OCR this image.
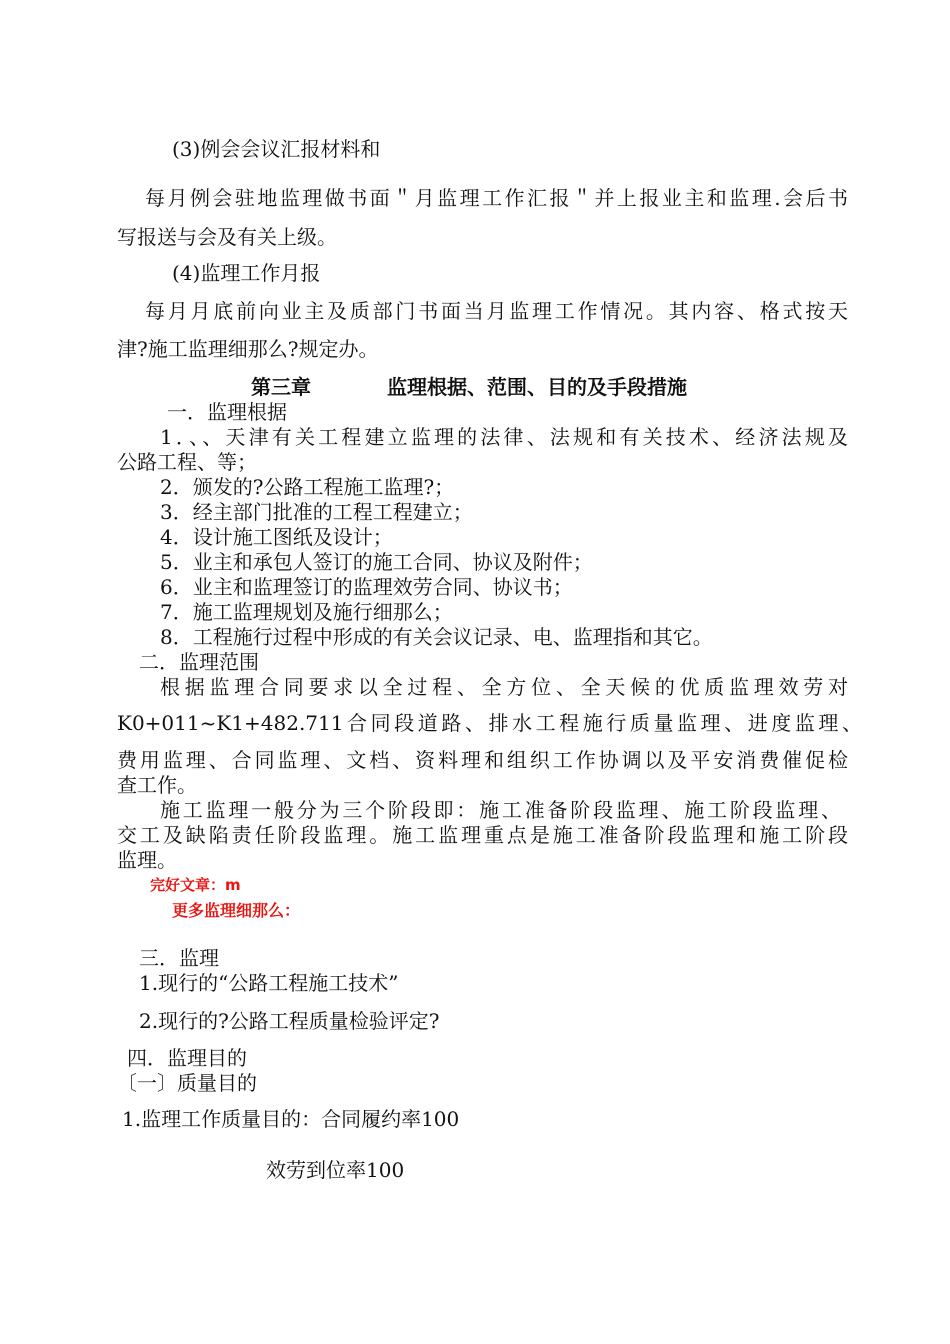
(3)例会会议汇报材料和
每月例会驻地监理做书面＂月监理工作汇报＂并上报业主和监理.会后书
写报送与会及有关上级。
(4)监理工作月报
每月月底前向业主及质部门书面当月监理工作情况。其内容、格式按天
津?施工监理细那么?规定办。
第三章	监理根据、范围、目的及手段措施
一．监理根据
1．、、天津有关工程建立监理的法律、法规和有关技术、经济法规及
公路工程、等；
2．颁发的?公路工程施工监理?；
3．经主部门批准的工程工程建立；
4．设计施工图纸及设计；
5．业主和承包人签订的施工合同、协议及附件；
6．业主和监理签订的监理效劳合同、协议书；
7．施工监理规划及施行细那么；
8．工程施行过程中形成的有关会议记录、电、监理指和其它。
二．监理范围
根据监理合同要求以全过程、全方位、全天候的优质监理效劳对
K0+011~K1+482.711合同段道路、排水工程施行质量监理、进度监理、
费用监理、合同监理、文档、资料理和组织工作协调以及平安消费催促检
查工作。
施工监理一般分为三个阶段即：施工准备阶段监理、施工阶段监理、
交工及缺陷责任阶段监理。施工监理重点是施工准备阶段监理和施工阶段
监理。
完好文章：m
更多监理细那么：
三．监理
1.现行的“公路工程施工技术”
2.现行的?公路工程质量检验评定?
四．监理目的
〔一〕质量目的
1.监理工作质量目的：合同履约率100
效劳到位率100
